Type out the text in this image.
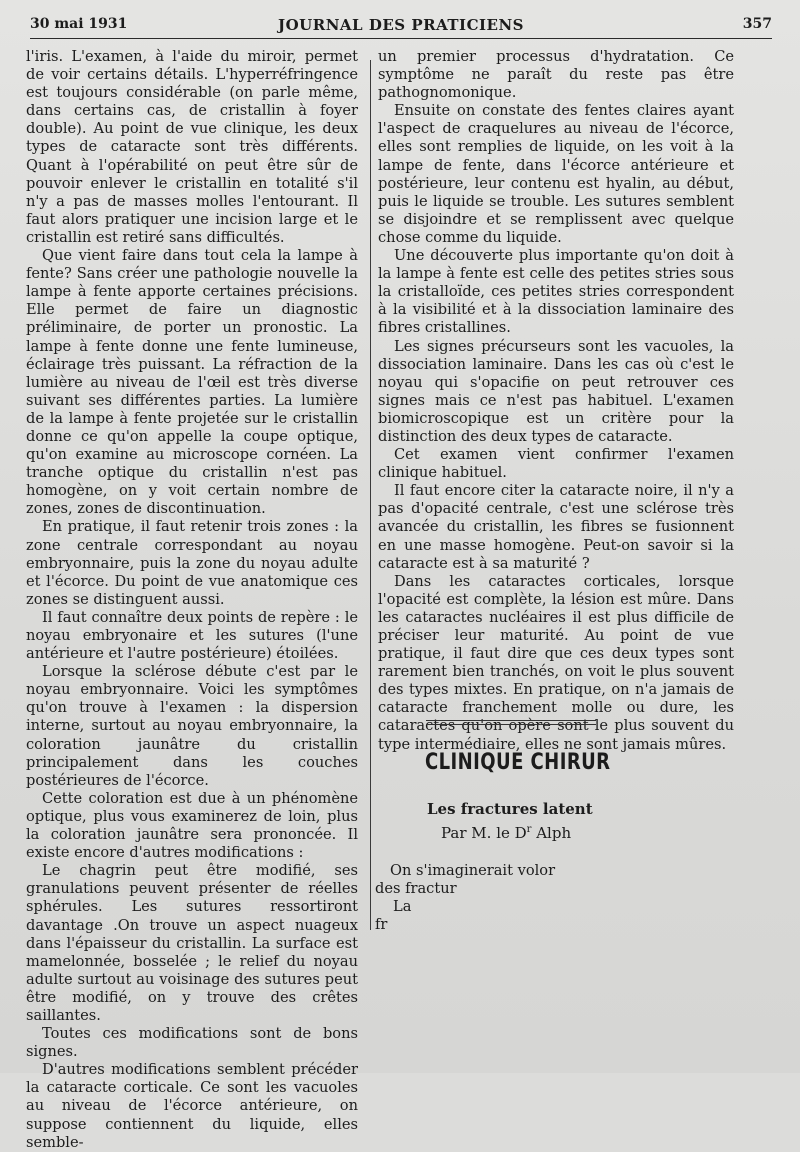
30 mai 1931	JOURNAL DES PRATICIENS	357

l'iris. L'examen, à l'aide du miroir, permet de voir certains détails. L'hyperréfringence est toujours considérable (on parle même, dans certains cas, de cristallin à foyer double). Au point de vue clinique, les deux types de cataracte sont très différents. Quant à l'opérabilité on peut être sûr de pouvoir enlever le cristallin en totalité s'il n'y a pas de masses molles l'entourant. Il faut alors pratiquer une incision large et le cristallin est retiré sans difficultés.

Que vient faire dans tout cela la lampe à fente? Sans créer une pathologie nouvelle la lampe à fente apporte certaines précisions. Elle permet de faire un diagnostic préliminaire, de porter un pronostic. La lampe à fente donne une fente lumineuse, éclairage très puissant. La réfraction de la lumière au niveau de l'œil est très diverse suivant ses différentes parties. La lumière de la lampe à fente projetée sur le cristallin donne ce qu'on appelle la coupe optique, qu'on examine au microscope cornéen. La tranche optique du cristallin n'est pas homogène, on y voit certain nombre de zones, zones de discontinuation.

En pratique, il faut retenir trois zones : la zone centrale correspondant au noyau embryonnaire, puis la zone du noyau adulte et l'écorce. Du point de vue anatomique ces zones se distinguent aussi.

Il faut connaître deux points de repère : le noyau embryonaire et les sutures (l'une antérieure et l'autre postérieure) étoilées.

Lorsque la sclérose débute c'est par le noyau embryonnaire. Voici les symptômes qu'on trouve à l'examen : la dispersion interne, surtout au noyau embryonnaire, la coloration jaunâtre du cristallin principalement dans les couches postérieures de l'écorce.

Cette coloration est due à un phénomène optique, plus vous examinerez de loin, plus la coloration jaunâtre sera prononcée. Il existe encore d'autres modifications :

Le chagrin peut être modifié, ses granulations peuvent présenter de réelles sphérules. Les sutures ressortiront davantage .On trouve un aspect nuageux dans l'épaisseur du cristallin. La surface est mamelonnée, bosselée ; le relief du noyau adulte surtout au voisinage des sutures peut être modifié, on y trouve des crêtes saillantes.

Toutes ces modifications sont de bons signes.

D'autres modifications semblent précéder la cataracte corticale. Ce sont les vacuoles au niveau de l'écorce antérieure, on suppose contiennent du liquide, elles semble-

un premier processus d'hydratation. Ce symptôme ne paraît du reste pas être pathognomonique.

Ensuite on constate des fentes claires ayant l'aspect de craquelures au niveau de l'écorce, elles sont remplies de liquide, on les voit à la lampe de fente, dans l'écorce antérieure et postérieure, leur contenu est hyalin, au début, puis le liquide se trouble. Les sutures semblent se disjoindre et se remplissent avec quelque chose comme du liquide.

Une découverte plus importante qu'on doit à la lampe à fente est celle des petites stries sous la cristalloïde, ces petites stries correspondent à la visibilité et à la dissociation laminaire des fibres cristallines.

Les signes précurseurs sont les vacuoles, la dissociation laminaire. Dans les cas où c'est le noyau qui s'opacifie on peut retrouver ces signes mais ce n'est pas habituel. L'examen biomicroscopique est un critère pour la distinction des deux types de cataracte.

Cet examen vient confirmer l'examen clinique habituel.

Il faut encore citer la cataracte noire, il n'y a pas d'opacité centrale, c'est une sclérose très avancée du cristallin, les fibres se fusionnent en une masse homogène. Peut-on savoir si la cataracte est à sa maturité ?

Dans les cataractes corticales, lorsque l'opacité est complète, la lésion est mûre. Dans les cataractes nucléaires il est plus difficile de préciser leur maturité. Au point de vue pratique, il faut dire que ces deux types sont rarement bien tranchés, on voit le plus souvent des types mixtes. En pratique, on n'a jamais de cataracte franchement molle ou dure, les cataractes qu'on opère sont le plus souvent du type intermédiaire, elles ne sont jamais mûres.

CLINIQUE CHIRUR
Les fractures latent
Par M. le $D^r$ Alph
On s'imaginerait volor
des fractur
La
fr
